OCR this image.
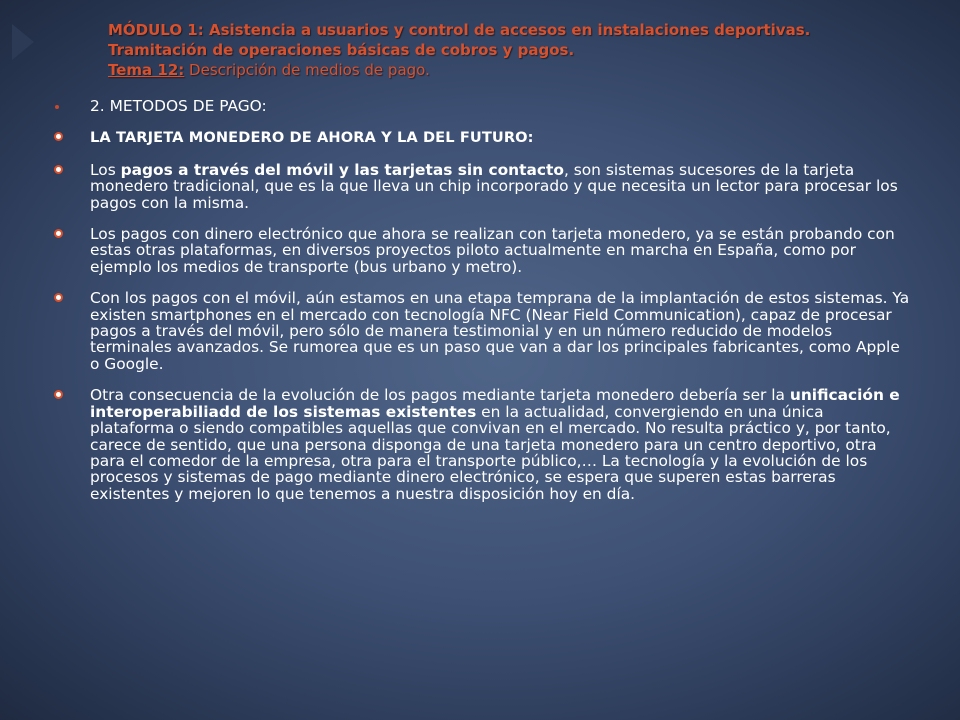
MÓDULO 1: Asistencia a usuarios y control de accesos en instalaciones deportivas.
Tramitación de operaciones básicas de cobros y pagos.
Tema 12: Descripción de medios de pago.
2. METODOS DE PAGO:
LA TARJETA MONEDERO DE AHORA Y LA DEL FUTURO:
Los pagos a través del móvil y las tarjetas sin contacto, son sistemas sucesores de la tarjeta monedero tradicional, que es la que lleva un chip incorporado y que necesita un lector para procesar los pagos con la misma.
Los pagos con dinero electrónico que ahora se realizan con tarjeta monedero, ya se están probando con estas otras plataformas, en diversos proyectos piloto actualmente en marcha en España, como por ejemplo los medios de transporte (bus urbano y metro).
Con los pagos con el móvil, aún estamos en una etapa temprana de la implantación de estos sistemas. Ya existen smartphones en el mercado con tecnología NFC (Near Field Communication), capaz de procesar pagos a través del móvil, pero sólo de manera testimonial y en un número reducido de modelos terminales avanzados. Se rumorea que es un paso que van a dar los principales fabricantes, como Apple o Google.
Otra consecuencia de la evolución de los pagos mediante tarjeta monedero debería ser la unificación e interoperabiliadd de los sistemas existentes en la actualidad, convergiendo en una única plataforma o siendo compatibles aquellas que convivan en el mercado. No resulta práctico y, por tanto, carece de sentido, que una persona disponga de una tarjeta monedero para un centro deportivo, otra para el comedor de la empresa, otra para el transporte público,… La tecnología y la evolución de los procesos y sistemas de pago mediante dinero electrónico, se espera que superen estas barreras existentes y mejoren lo que tenemos a nuestra disposición hoy en día.
